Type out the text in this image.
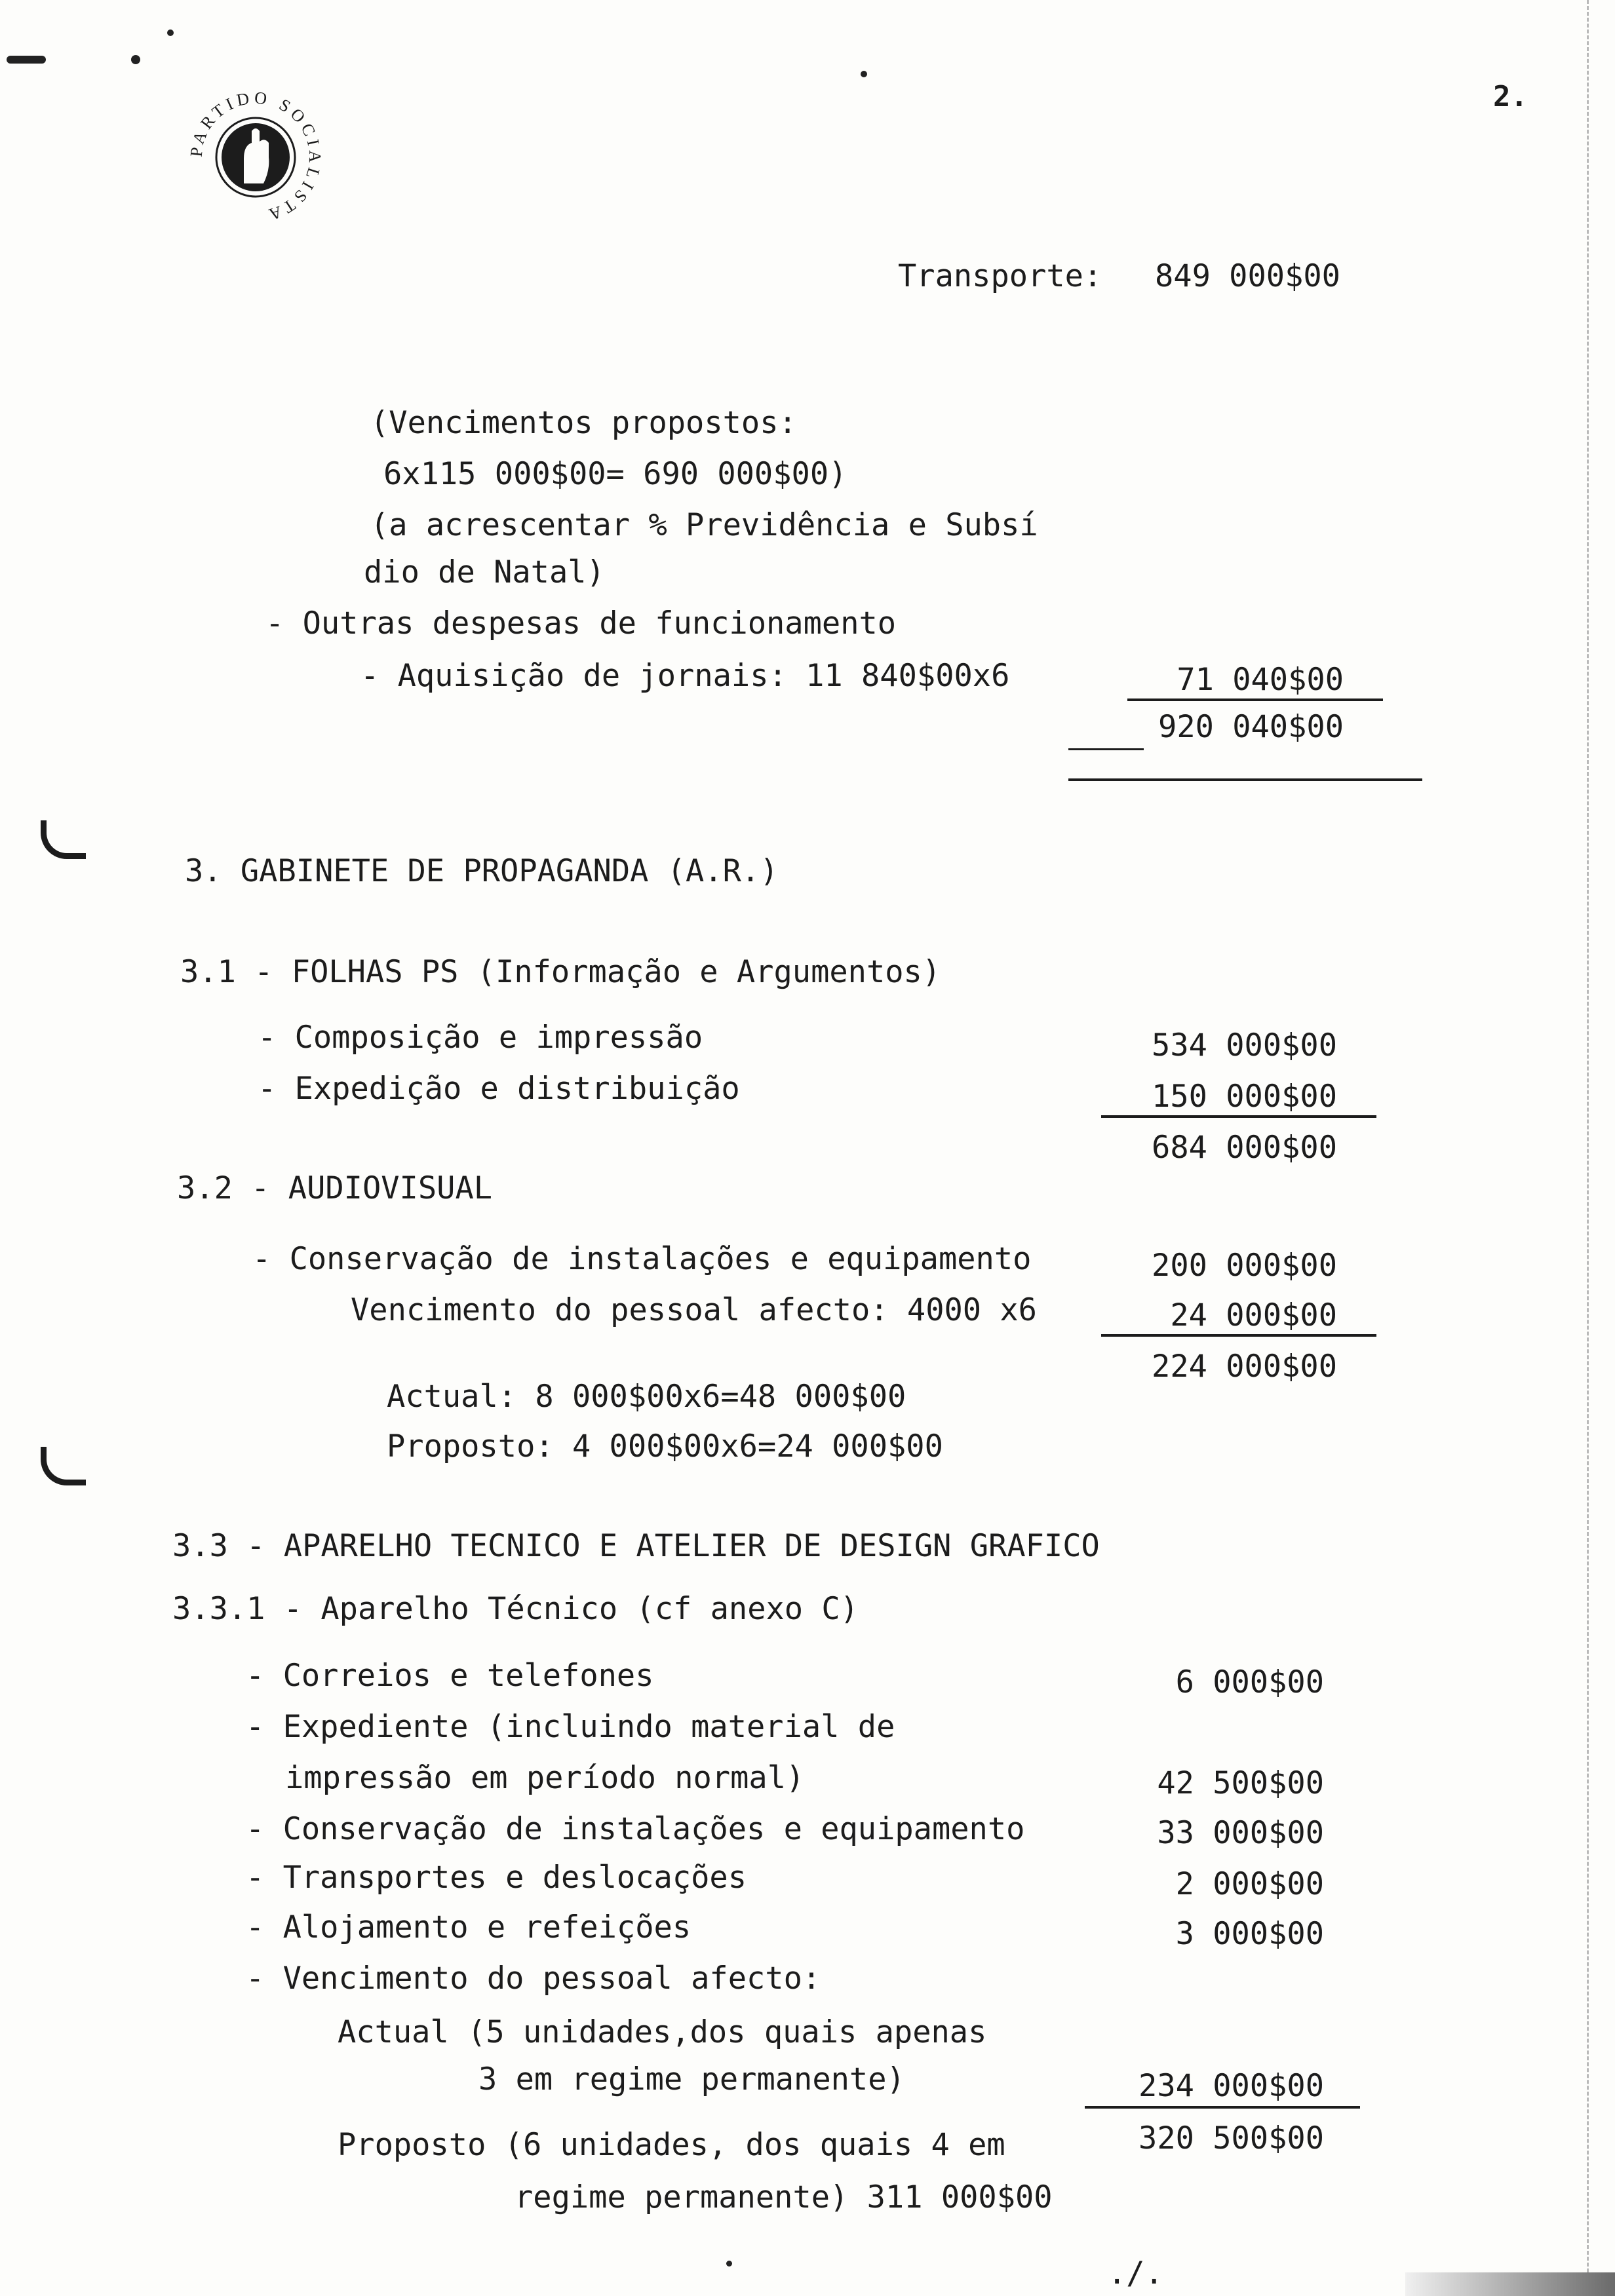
PARTIDO SOCIALISTA
2.
Transporte: 849 000$00
(Vencimentos propostos:
6x115 000$00= 690 000$00)
(a acrescentar % Previdência e Subsí
dio de Natal)
- Outras despesas de funcionamento
- Aquisição de jornais: 11 840$00x6	71 040$00
920 040$00
3. GABINETE DE PROPAGANDA (A.R.)
3.1 - FOLHAS PS (Informação e Argumentos)
- Composição e impressão	534 000$00
- Expedição e distribuição	150 000$00
684 000$00
3.2 - AUDIOVISUAL
- Conservação de instalações e equipamento	200 000$00
Vencimento do pessoal afecto: 4000 x6	24 000$00
224 000$00
Actual: 8 000$00x6=48 000$00
Proposto: 4 000$00x6=24 000$00
3.3 - APARELHO TECNICO E ATELIER DE DESIGN GRAFICO
3.3.1 - Aparelho Técnico (cf anexo C)
- Correios e telefones	6 000$00
- Expediente (incluindo material de
impressão em período normal)	42 500$00
- Conservação de instalações e equipamento	33 000$00
- Transportes e deslocações	2 000$00
- Alojamento e refeições	3 000$00
- Vencimento do pessoal afecto:
Actual (5 unidades,dos quais apenas
3 em regime permanente)	234 000$00
320 500$00
Proposto (6 unidades, dos quais 4 em
regime permanente) 311 000$00
./.
